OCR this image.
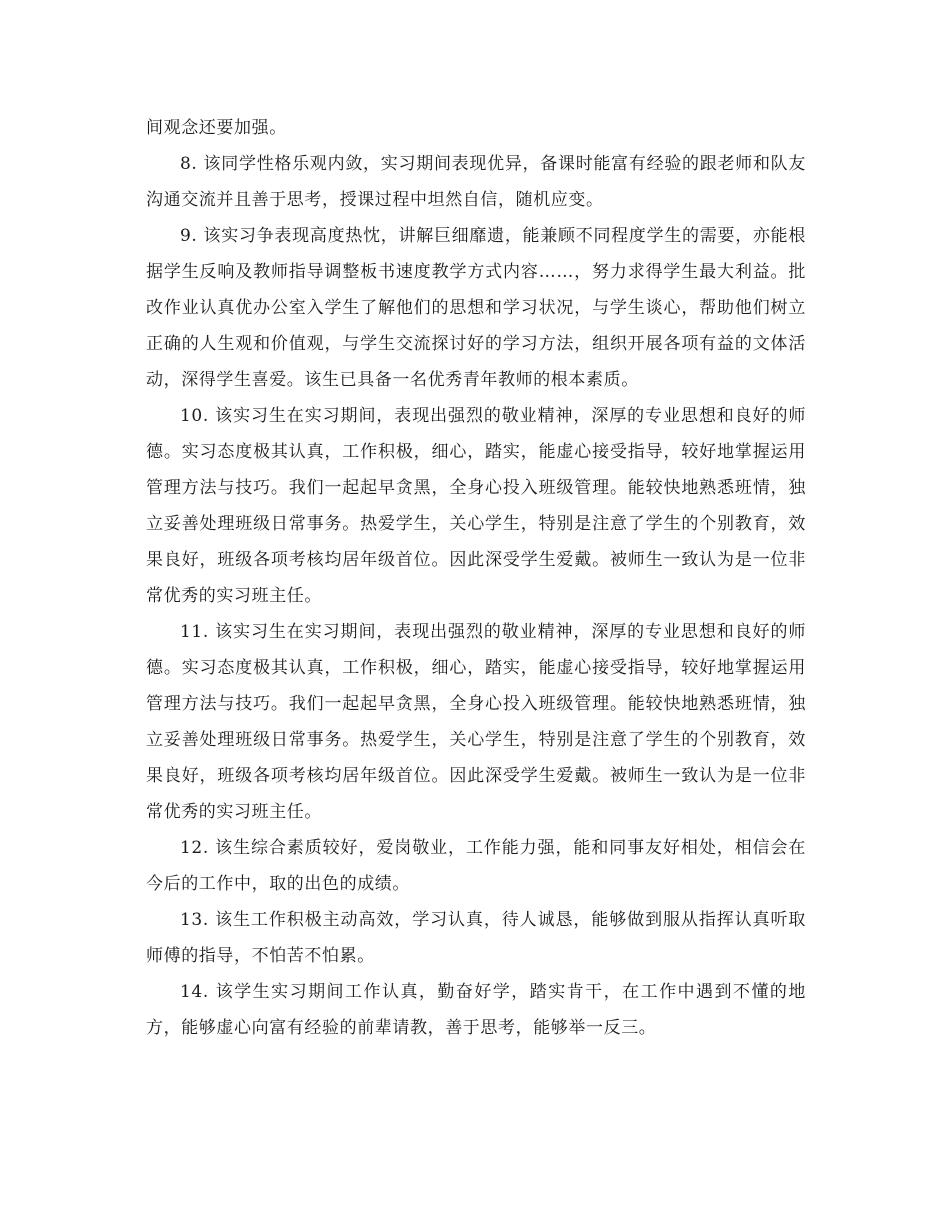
间观念还要加强。

8. 该同学性格乐观内敛，实习期间表现优异，备课时能富有经验的跟老师和队友沟通交流并且善于思考，授课过程中坦然自信，随机应变。

9. 该实习争表现高度热忱，讲解巨细靡遗，能兼顾不同程度学生的需要，亦能根据学生反响及教师指导调整板书速度教学方式内容……，努力求得学生最大利益。批改作业认真优办公室入学生了解他们的思想和学习状况，与学生谈心，帮助他们树立正确的人生观和价值观，与学生交流探讨好的学习方法，组织开展各项有益的文体活动，深得学生喜爱。该生已具备一名优秀青年教师的根本素质。

10. 该实习生在实习期间，表现出强烈的敬业精神，深厚的专业思想和良好的师德。实习态度极其认真，工作积极，细心，踏实，能虚心接受指导，较好地掌握运用管理方法与技巧。我们一起起早贪黑，全身心投入班级管理。能较快地熟悉班情，独立妥善处理班级日常事务。热爱学生，关心学生，特别是注意了学生的个别教育，效果良好，班级各项考核均居年级首位。因此深受学生爱戴。被师生一致认为是一位非常优秀的实习班主任。

11. 该实习生在实习期间，表现出强烈的敬业精神，深厚的专业思想和良好的师德。实习态度极其认真，工作积极，细心，踏实，能虚心接受指导，较好地掌握运用管理方法与技巧。我们一起起早贪黑，全身心投入班级管理。能较快地熟悉班情，独立妥善处理班级日常事务。热爱学生，关心学生，特别是注意了学生的个别教育，效果良好，班级各项考核均居年级首位。因此深受学生爱戴。被师生一致认为是一位非常优秀的实习班主任。

12. 该生综合素质较好，爱岗敬业，工作能力强，能和同事友好相处，相信会在今后的工作中，取的出色的成绩。

13. 该生工作积极主动高效，学习认真，待人诚恳，能够做到服从指挥认真听取师傅的指导，不怕苦不怕累。

14. 该学生实习期间工作认真，勤奋好学，踏实肯干，在工作中遇到不懂的地方，能够虚心向富有经验的前辈请教，善于思考，能够举一反三。
